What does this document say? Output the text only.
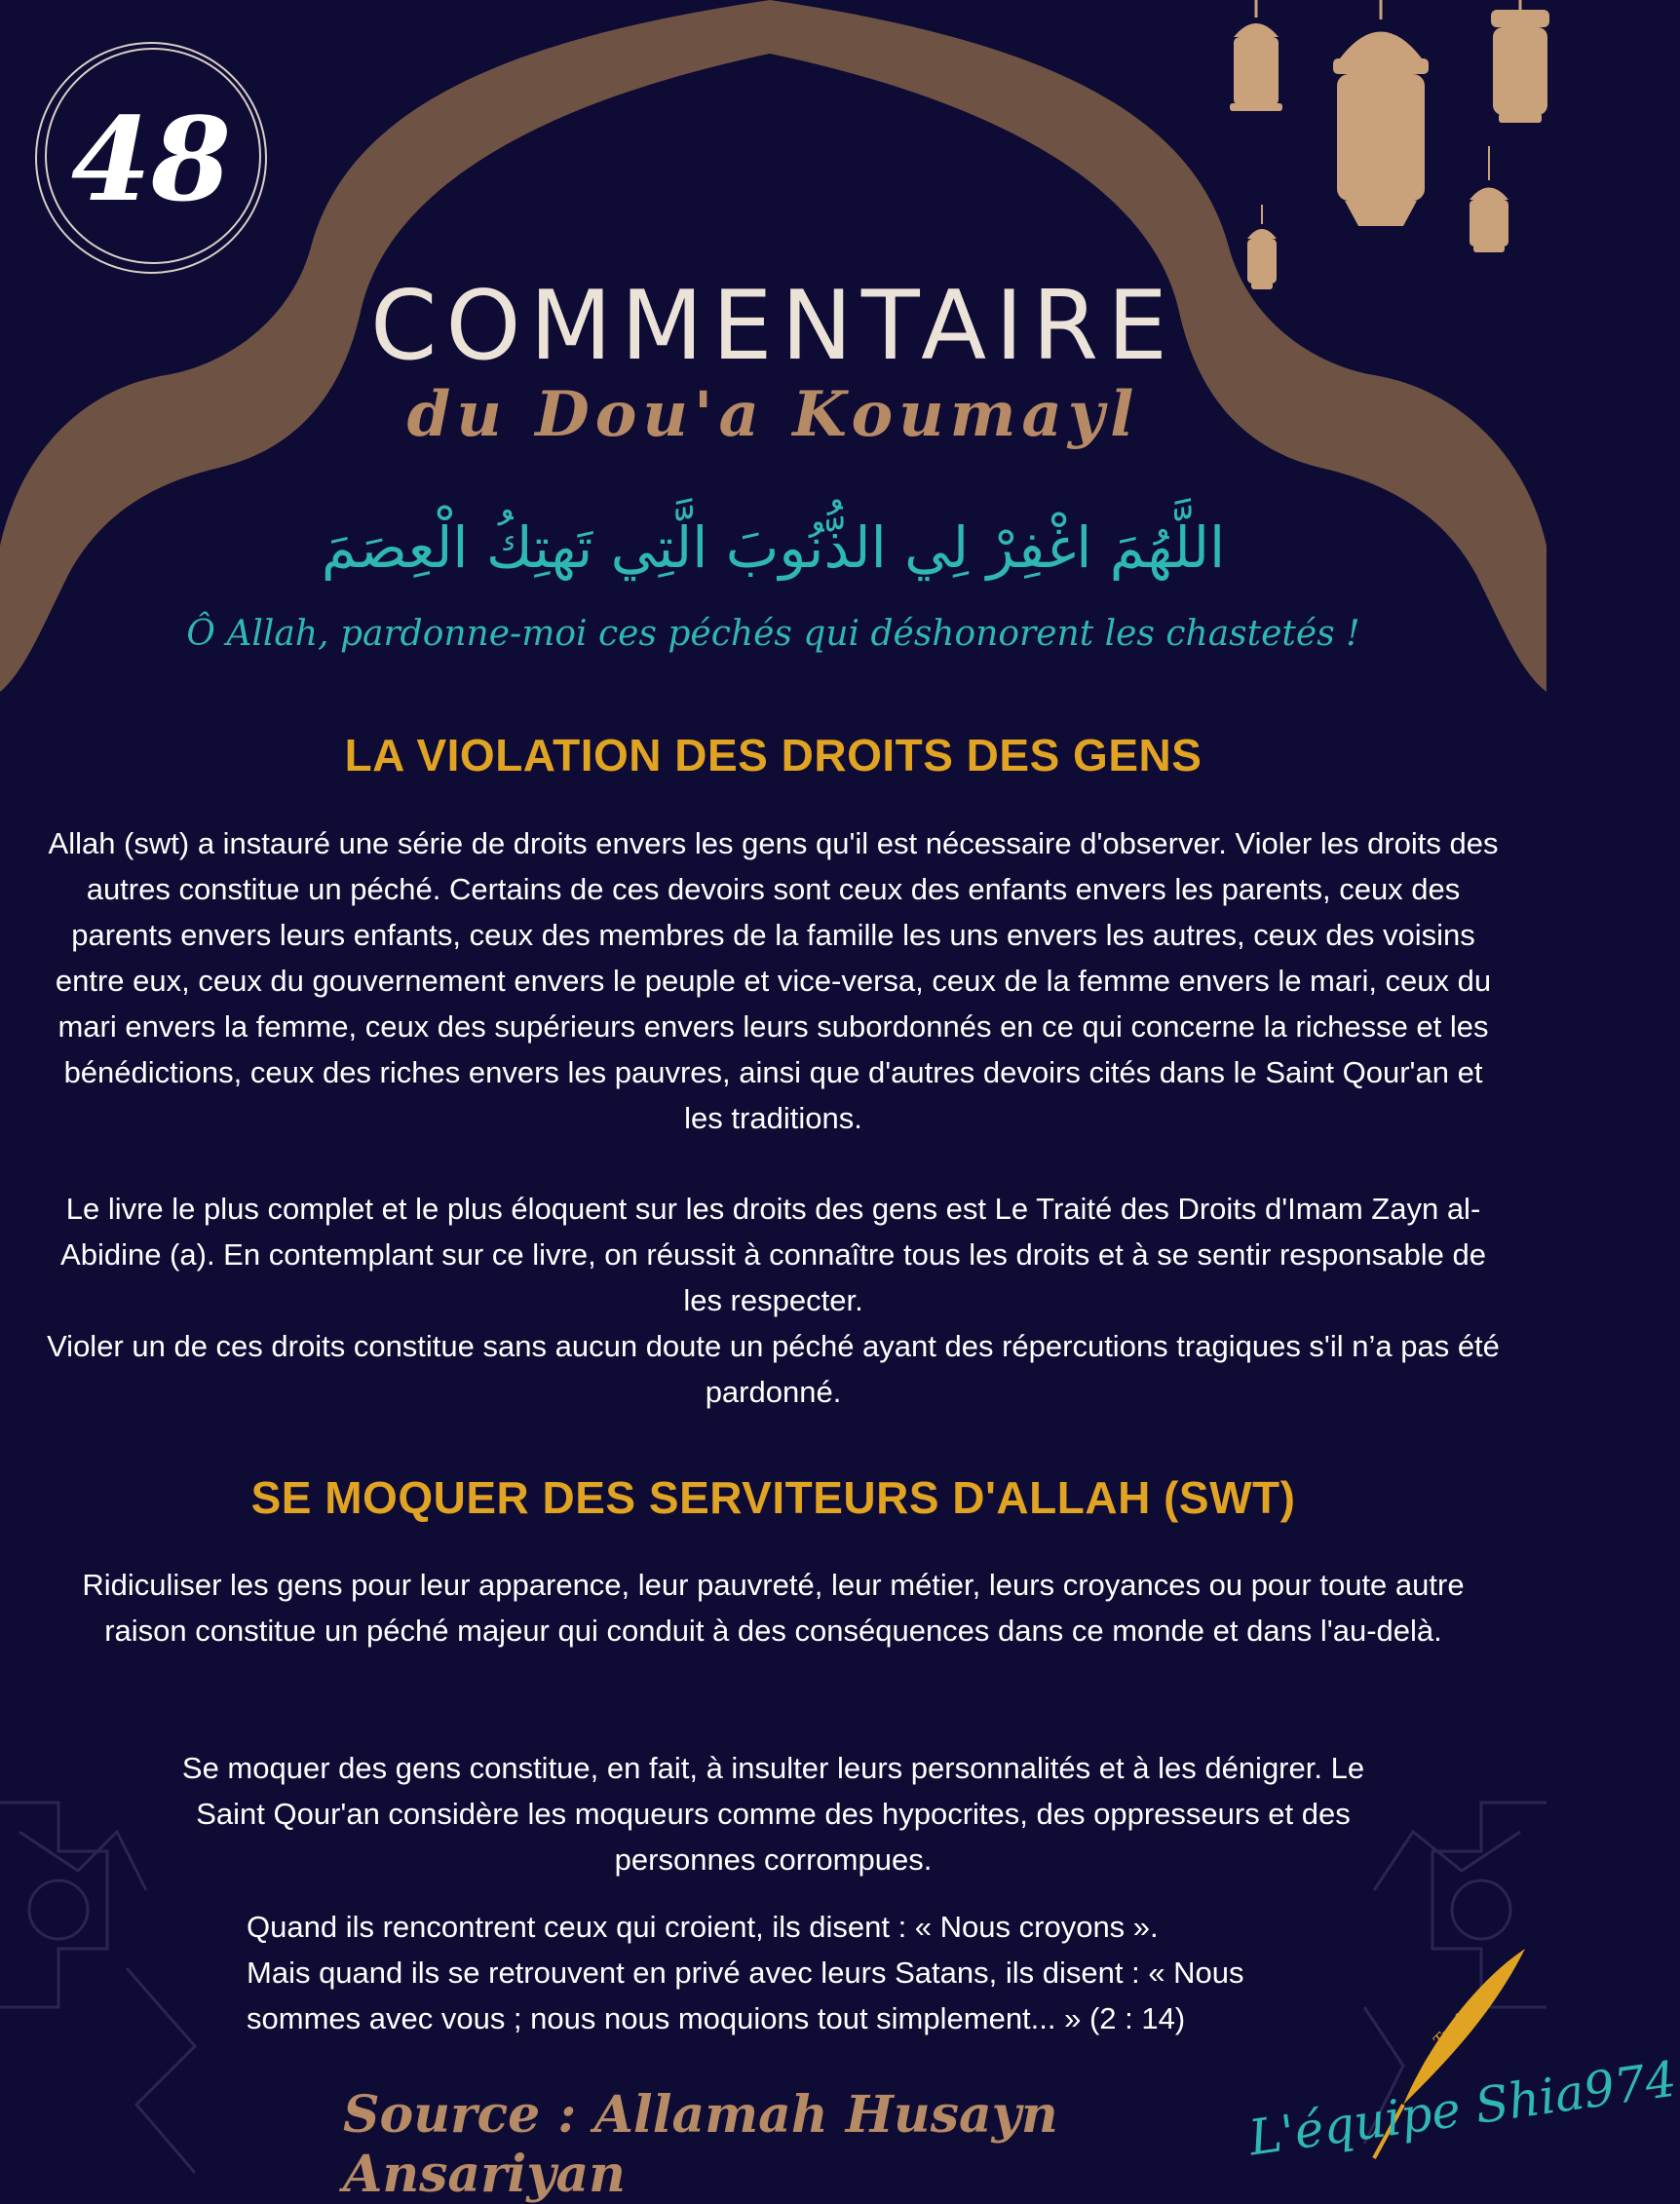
48
COMMENTAIRE
du Dou'a Koumayl
اللَّهُمَ اغْفِرْ لِي الذُّنُوبَ الَّتِي تَهتِكُ الْعِصَمَ
Ô Allah, pardonne-moi ces péchés qui déshonorent les chastetés !
LA VIOLATION DES DROITS DES GENS
Allah (swt) a instauré une série de droits envers les gens qu'il est nécessaire d'observer. Violer les droits des autres constitue un péché. Certains de ces devoirs sont ceux des enfants envers les parents, ceux des parents envers leurs enfants, ceux des membres de la famille les uns envers les autres, ceux des voisins entre eux, ceux du gouvernement envers le peuple et vice-versa, ceux de la femme envers le mari, ceux du mari envers la femme, ceux des supérieurs envers leurs subordonnés en ce qui concerne la richesse et les bénédictions, ceux des riches envers les pauvres, ainsi que d'autres devoirs cités dans le Saint Qour'an et les traditions.
Le livre le plus complet et le plus éloquent sur les droits des gens est Le Traité des Droits d'Imam Zayn al-Abidine (a). En contemplant sur ce livre, on réussit à connaître tous les droits et à se sentir responsable de les respecter.
Violer un de ces droits constitue sans aucun doute un péché ayant des répercutions tragiques s'il n’a pas été pardonné.
SE MOQUER DES SERVITEURS D'ALLAH (SWT)
Ridiculiser les gens pour leur apparence, leur pauvreté, leur métier, leurs croyances ou pour toute autre raison constitue un péché majeur qui conduit à des conséquences dans ce monde et dans l'au-delà.
Se moquer des gens constitue, en fait, à insulter leurs personnalités et à les dénigrer. Le Saint Qour'an considère les moqueurs comme des hypocrites, des oppresseurs et des personnes corrompues.
Quand ils rencontrent ceux qui croient, ils disent : « Nous croyons ».
Mais quand ils se retrouvent en privé avec leurs Satans, ils disent : « Nous sommes avec vous ; nous nous moquions tout simplement... » (2 : 14)
Source : Allamah Husayn Ansariyan
Traduit par
L'équipe Shia974
